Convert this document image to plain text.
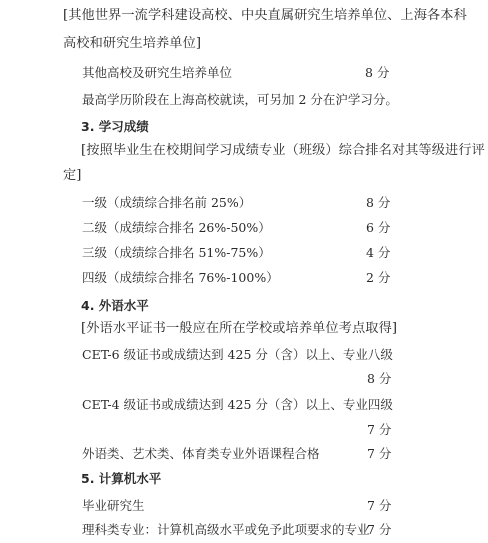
[其他世界一流学科建设高校、中央直属研究生培养单位、上海各本科
高校和研究生培养单位]
其他高校及研究生培养单位	8 分
最高学历阶段在上海高校就读，可另加 2 分在沪学习分。
3. 学习成绩
[按照毕业生在校期间学习成绩专业（班级）综合排名对其等级进行评
定]
一级（成绩综合排名前 25%）	8 分
二级（成绩综合排名 26%-50%）	6 分
三级（成绩综合排名 51%-75%）	4 分
四级（成绩综合排名 76%-100%）	2 分
4. 外语水平
[外语水平证书一般应在所在学校或培养单位考点取得]
CET-6 级证书或成绩达到 425 分（含）以上、专业八级
8 分
CET-4 级证书或成绩达到 425 分（含）以上、专业四级
7 分
外语类、艺术类、体育类专业外语课程合格	7 分
5. 计算机水平
毕业研究生	7 分
理科类专业：计算机高级水平或免予此项要求的专业
7 分
